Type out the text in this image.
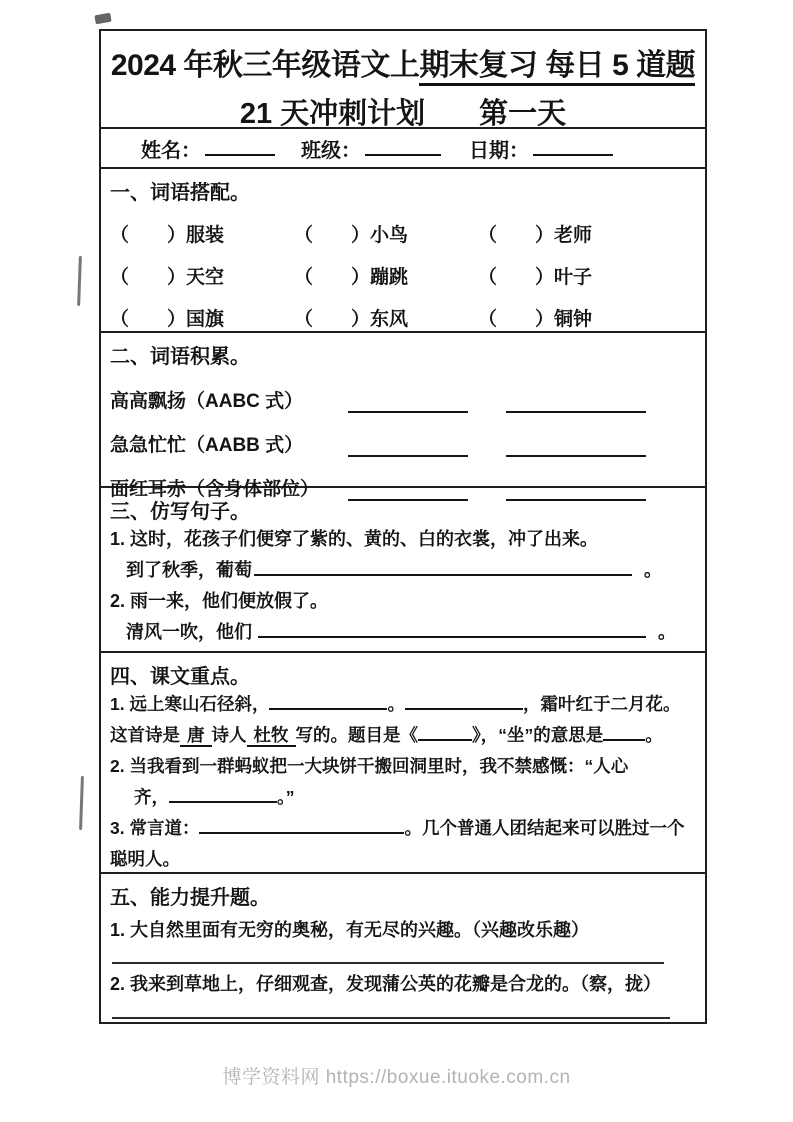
2024 年秋三年级语文上期末复习 每日 5 道题
21 天冲刺计划 第一天
姓名：	班级：	日期：
一、词语搭配。
（　　）服装	（　　）小鸟	（　　）老师
（　　）天空	（　　）蹦跳	（　　）叶子
（　　）国旗	（　　）东风	（　　）铜钟
二、词语积累。
高高飘扬（AABC 式）
急急忙忙（AABB 式）
面红耳赤（含身体部位）
三、仿写句子。

1. 这时，花孩子们便穿了紫的、黄的、白的衣裳，冲了出来。

到了秋季，葡萄	。

2. 雨一来，他们便放假了。

清风一吹，他们	。

四、课文重点。

1. 远上寒山石径斜，	。	，霜叶红于二月花。

这首诗是 唐 诗人 杜牧 写的。题目是《	》，“坐”的意思是 。

2. 当我看到一群蚂蚁把一大块饼干搬回洞里时，我不禁感慨：“人心

齐，	。”

3. 常言道：	。几个普通人团结起来可以胜过一个

聪明人。

五、能力提升题。

1. 大自然里面有无穷的奥秘，有无尽的兴趣。（兴趣改乐趣）

2. 我来到草地上，仔细观查，发现蒲公英的花瓣是合龙的。（察，拢）

博学资料网 https://boxue.ituoke.com.cn
